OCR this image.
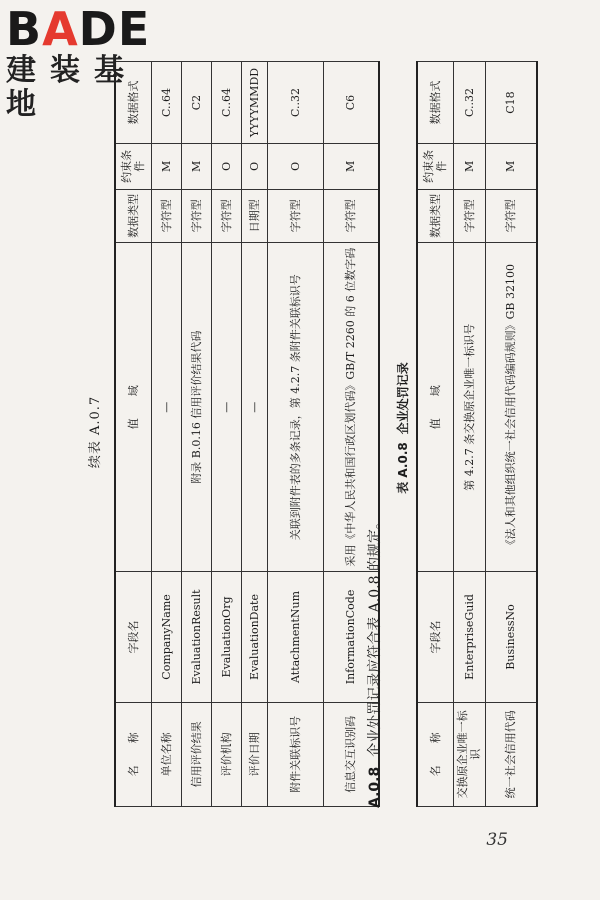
BADE
建装基地
续表 A.0.7
名　　称	字段名	值　　域	数据类型	约束条件	数据格式
单位名称	CompanyName	—	字符型	M	C..64
信用评价结果	EvaluationResult	附录 B.0.16 信用评价结果代码	字符型	M	C2
评价机构	EvaluationOrg	—	字符型	O	C..64
评价日期	EvaluationDate	—	日期型	O	YYYYMMDD
附件关联标识号	AttachmentNum	关联到附件表的多条记录，第 4.2.7 条附件关联标识号	字符型	O	C..32
信息交互识别码	InformationCode	采用《中华人民共和国行政区划代码》GB/T 2260 的 6 位数字码	字符型	M	C6
A.0.8企业处罚记录应符合表 A.0.8 的规定。
表 A.0.8企业处罚记录
名　　称	字段名	值　　域	数据类型	约束条件	数据格式
交换原企业唯一标识	EnterpriseGuid	第 4.2.7 条交换原企业唯一标识号	字符型	M	C..32
统一社会信用代码	BusinessNo	《法人和其他组织统一社会信用代码编码规则》GB 32100	字符型	M	C18
35
